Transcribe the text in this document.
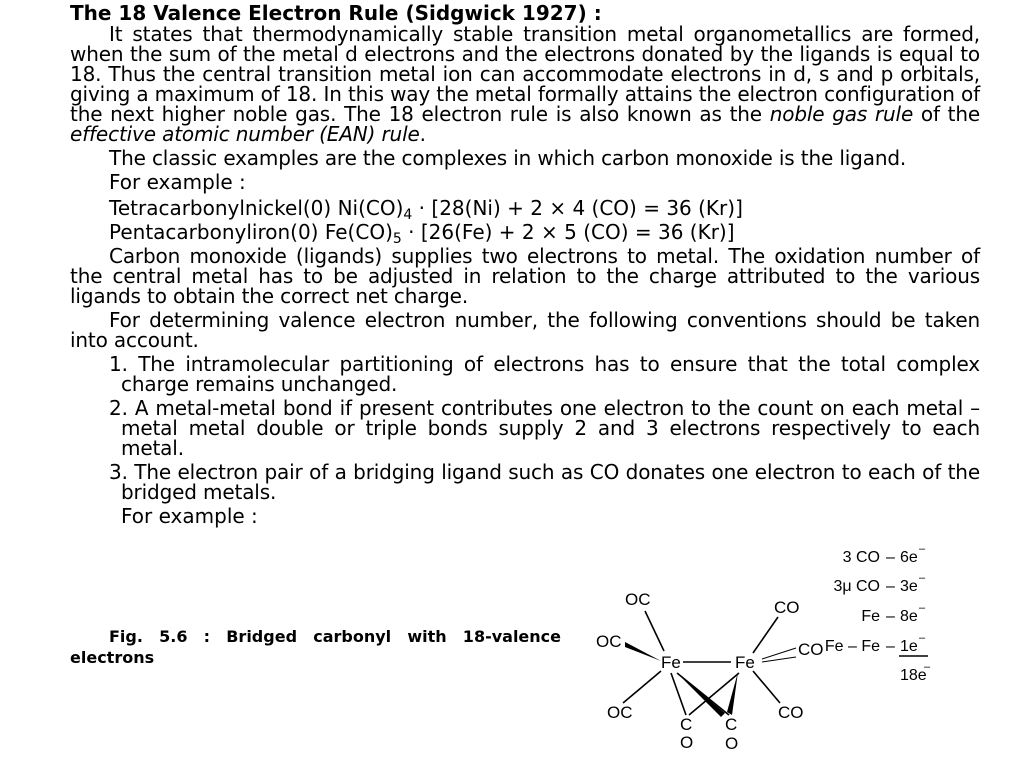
The 18 Valence Electron Rule (Sidgwick 1927) :
It states that thermodynamically stable transition metal organometallics are formed, when the sum of the metal d electrons and the electrons donated by the ligands is equal to 18. Thus the central transition metal ion can accommodate electrons in d, s and p orbitals, giving a maximum of 18. In this way the metal formally attains the electron configuration of the next higher noble gas. The 18 electron rule is also known as the noble gas rule of the effective atomic number (EAN) rule.
The classic examples are the complexes in which carbon monoxide is the ligand.
For example :
Tetracarbonylnickel(0) $Ni(CO)_4 \cdot [28(Ni) + 2 \times 4$ (CO) = 36 (Kr)]
Pentacarbonyliron(0) $Fe(CO)_5 \cdot [26(Fe) + 2 \times 5$ (CO) = 36 (Kr)]
Carbon monoxide (ligands) supplies two electrons to metal. The oxidation number of the central metal has to be adjusted in relation to the charge attributed to the various ligands to obtain the correct net charge.
For determining valence electron number, the following conventions should be taken into account.
1. The intramolecular partitioning of electrons has to ensure that the total complex charge remains unchanged.
2. A metal-metal bond if present contributes one electron to the count on each metal – metal metal double or triple bonds supply 2 and 3 electrons respectively to each metal.
3. The electron pair of a bridging ligand such as CO donates one electron to each of the bridged metals.
For example :
Fig. 5.6 : Bridged carbonyl with 18-valence electrons	Fe	Fe
OC
OC
OC
CO
CO
CO
C
O
C
O
3 CO – 6e –
3μ CO – 3e –
Fe – 8e –
Fe – Fe – 1e –
18e
–
